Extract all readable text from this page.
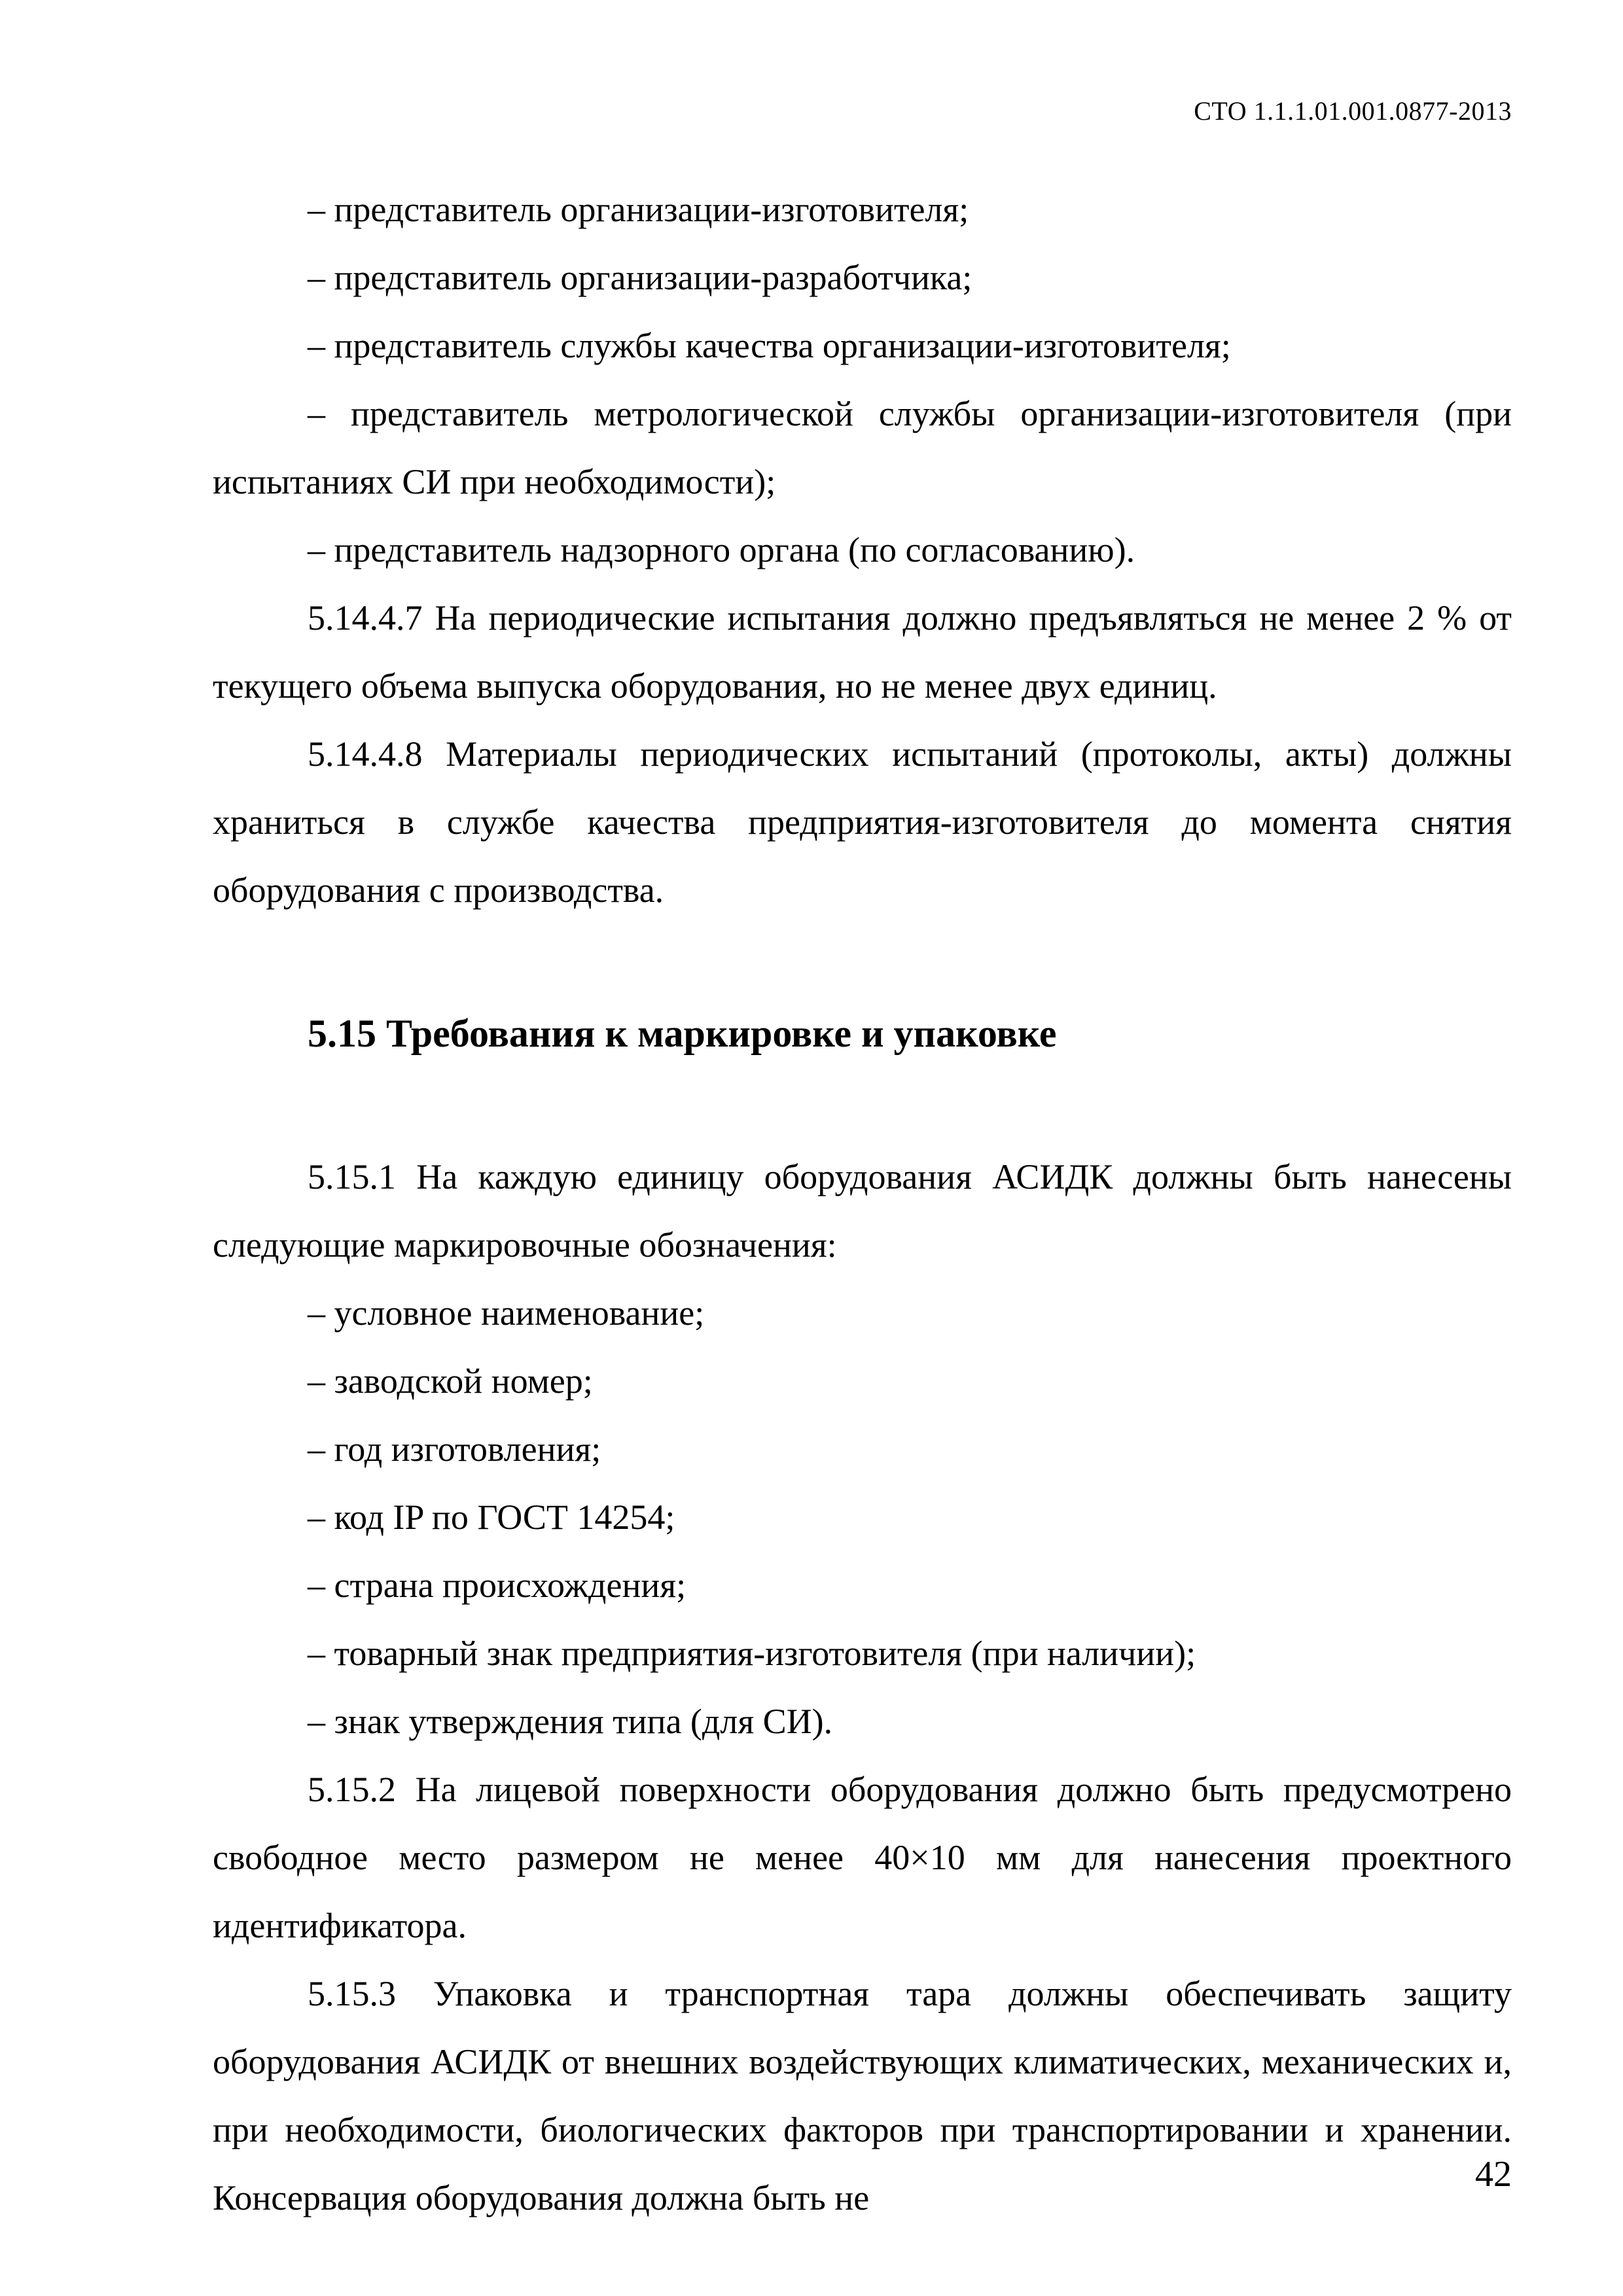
СТО 1.1.1.01.001.0877-2013

– представитель организации-изготовителя;

– представитель организации-разработчика;

– представитель службы качества организации-изготовителя;

– представитель метрологической службы организации-изготовителя (при испытаниях СИ при необходимости);

– представитель надзорного органа (по согласованию).

5.14.4.7 На периодические испытания должно предъявляться не менее 2 % от текущего объема выпуска оборудования, но не менее двух единиц.

5.14.4.8 Материалы периодических испытаний (протоколы, акты) должны храниться в службе качества предприятия-изготовителя до момента снятия оборудования с производства.

5.15 Требования к маркировке и упаковке

5.15.1 На каждую единицу оборудования АСИДК должны быть нанесены следующие маркировочные обозначения:

– условное наименование;

– заводской номер;

– год изготовления;

– код IP по ГОСТ 14254;

– страна происхождения;

– товарный знак предприятия-изготовителя (при наличии);

– знак утверждения типа (для СИ).

5.15.2 На лицевой поверхности оборудования должно быть предусмотрено свободное место размером не менее 40×10 мм для нанесения проектного идентификатора.

5.15.3 Упаковка и транспортная тара должны обеспечивать защиту оборудования АСИДК от внешних воздействующих климатических, механических и, при необходимости, биологических факторов при транспортировании и хранении. Консервация оборудования должна быть не

42
